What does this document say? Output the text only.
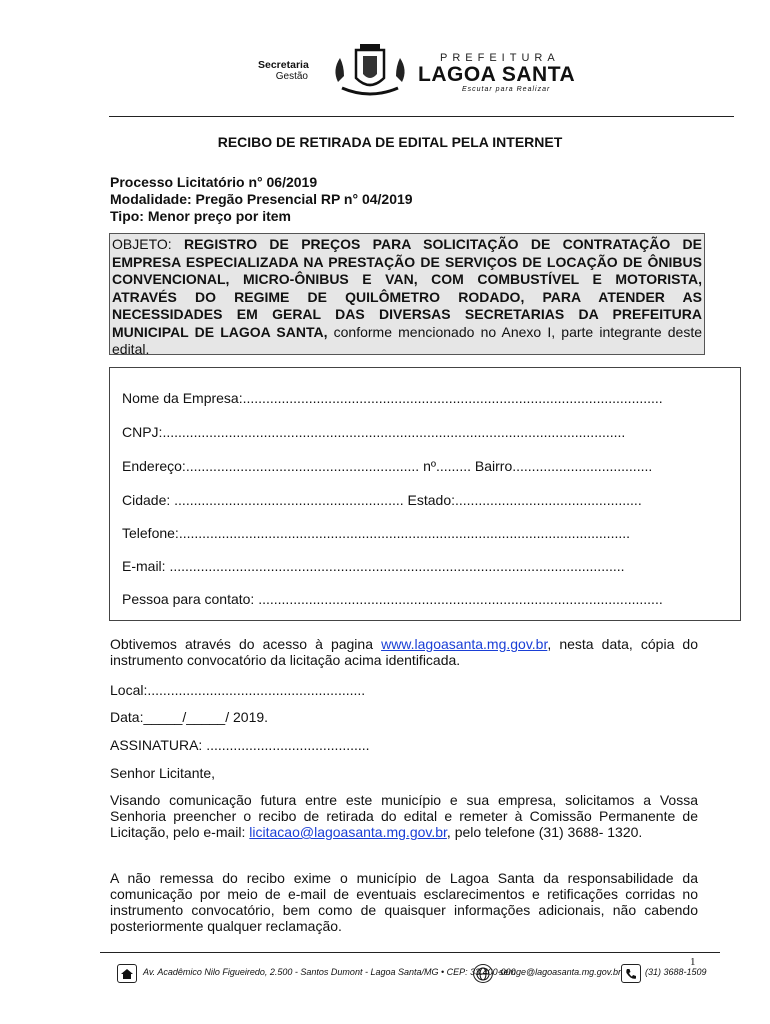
Secretaria
Gestão
PREFEITURA
LAGOA SANTA
Escutar para Realizar
RECIBO DE RETIRADA DE EDITAL PELA INTERNET
Processo Licitatório n° 06/2019
Modalidade: Pregão Presencial RP n° 04/2019
Tipo: Menor preço por item
OBJETO: REGISTRO DE PREÇOS PARA SOLICITAÇÃO DE CONTRATAÇÃO DE EMPRESA ESPECIALIZADA NA PRESTAÇÃO DE SERVIÇOS DE LOCAÇÃO DE ÔNIBUS CONVENCIONAL, MICRO-ÔNIBUS E VAN, COM COMBUSTÍVEL E MOTORISTA, ATRAVÉS DO REGIME DE QUILÔMETRO RODADO, PARA ATENDER AS NECESSIDADES EM GERAL DAS DIVERSAS SECRETARIAS DA PREFEITURA MUNICIPAL DE LAGOA SANTA, conforme mencionado no Anexo I, parte integrante deste edital.
Nome da Empresa:............................................................................................................
CNPJ:.......................................................................................................................
Endereço:............................................................ nº......... Bairro....................................
Cidade: ........................................................... Estado:................................................
Telefone:....................................................................................................................
E-mail: .....................................................................................................................
Pessoa para contato: ........................................................................................................
Obtivemos através do acesso à pagina www.lagoasanta.mg.gov.br, nesta data, cópia do instrumento convocatório da licitação acima identificada.
Local:........................................................
Data:_____/_____/ 2019.
ASSINATURA: ..........................................
Senhor Licitante,
Visando comunicação futura entre este município e sua empresa, solicitamos a Vossa Senhoria preencher o recibo de retirada do edital e remeter à Comissão Permanente de Licitação, pelo e-mail: licitacao@lagoasanta.mg.gov.br, pelo telefone (31) 3688- 1320.
A não remessa do recibo exime o município de Lagoa Santa da responsabilidade da comunicação por meio de e-mail de eventuais esclarecimentos e retificações corridas no instrumento convocatório, bem como de quaisquer informações adicionais, não cabendo posteriormente qualquer reclamação.
1
Av. Acadêmico Nilo Figueiredo, 2.500 - Santos Dumont - Lagoa Santa/MG • CEP: 33.400-000
semge@lagoasanta.mg.gov.br	(31) 3688-1509
